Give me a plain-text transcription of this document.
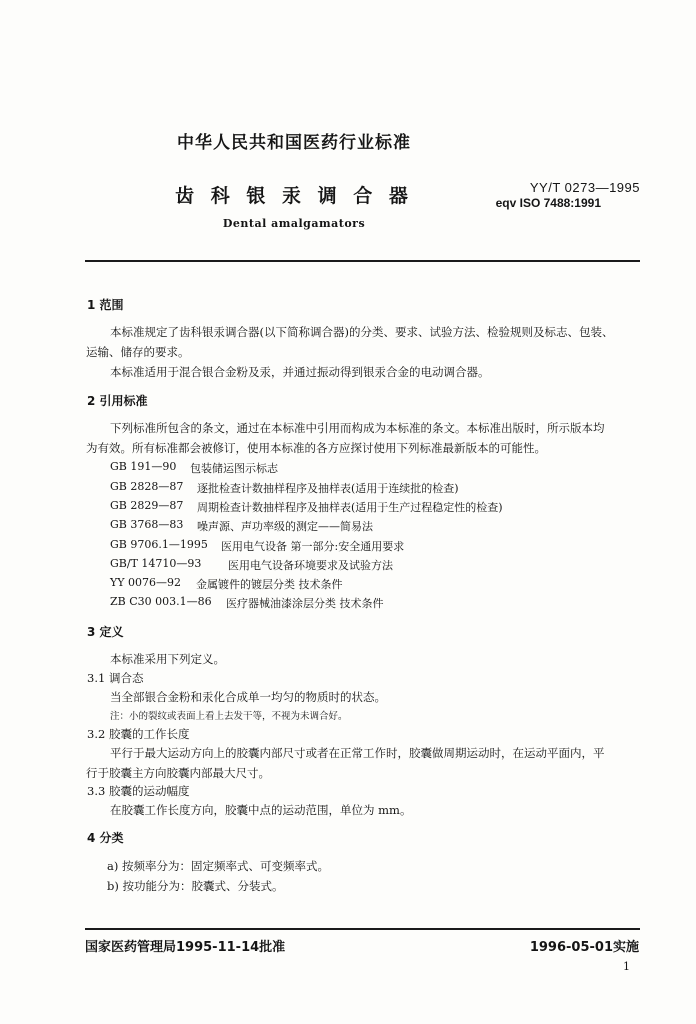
中华人民共和国医药行业标准
齿 科 银 汞 调 合 器
Dental amalgamators
YY/T 0273—1995
eqv ISO 7488:1991
1 范围
本标准规定了齿科银汞调合器(以下简称调合器)的分类、要求、试验方法、检验规则及标志、包装、
运输、储存的要求。
本标准适用于混合银合金粉及汞，并通过振动得到银汞合金的电动调合器。
2 引用标准
下列标准所包含的条文，通过在本标准中引用而构成为本标准的条文。本标准出版时，所示版本均
为有效。所有标准都会被修订，使用本标准的各方应探讨使用下列标准最新版本的可能性。
GB 191—90 包装储运图示标志
GB 2828—87 逐批检查计数抽样程序及抽样表(适用于连续批的检查)
GB 2829—87 周期检查计数抽样程序及抽样表(适用于生产过程稳定性的检查)
GB 3768—83 噪声源、声功率级的测定——简易法
GB 9706.1—1995 医用电气设备 第一部分:安全通用要求
GB/T 14710—93 医用电气设备环境要求及试验方法
YY 0076—92 金属镀件的镀层分类 技术条件
ZB C30 003.1—86 医疗器械油漆涂层分类 技术条件
3 定义
本标准采用下列定义。
3.1 调合态
当全部银合金粉和汞化合成单一均匀的物质时的状态。
注：小的裂纹或表面上看上去发干等，不视为未调合好。
3.2 胶囊的工作长度
平行于最大运动方向上的胶囊内部尺寸或者在正常工作时，胶囊做周期运动时，在运动平面内，平
行于胶囊主方向胶囊内部最大尺寸。
3.3 胶囊的运动幅度
在胶囊工作长度方向，胶囊中点的运动范围，单位为 mm。
4 分类
a) 按频率分为：固定频率式、可变频率式。
b) 按功能分为：胶囊式、分装式。
国家医药管理局1995-11-14批准	1996-05-01实施
1
